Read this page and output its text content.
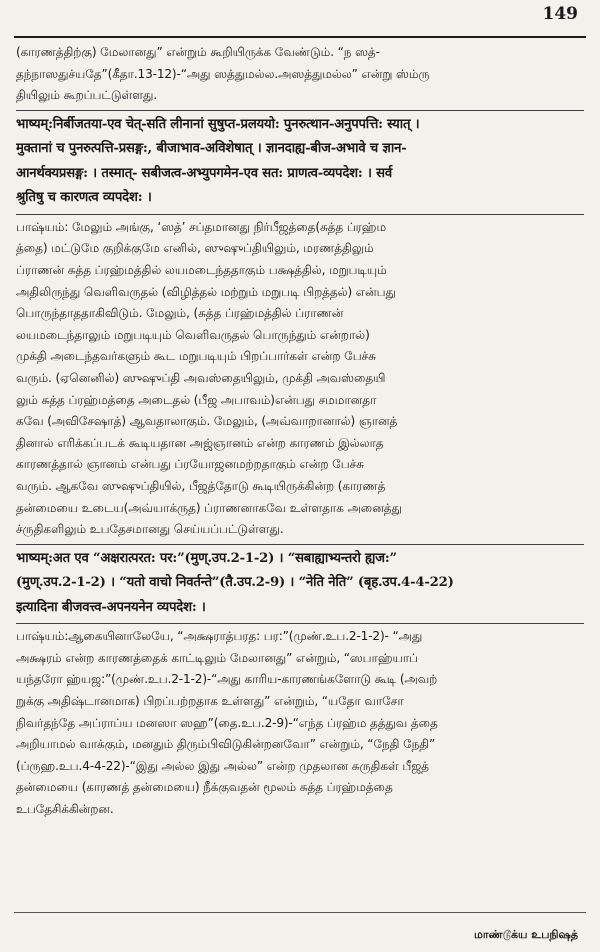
149
(காரணத்திற்கு) மேலானது” என்றும் கூறியிருக்க வேண்டும். “ந ஸத்-
தந்நாஸதுச்யதே”(கீதா.13-12)-“அது ஸத்துமல்ல.அஸத்துமல்ல” என்று ஸ்ம்ரு
தியிலும் கூறப்பட்டுள்ளது.
भाष्यम्:निर्बीजतया-एव चेत्-सति लीनानां सुषुप्त-प्रलययो: पुनरुत्थान-अनुपपत्ति: स्यात् ।
मुक्तानां च पुनरुत्पत्ति-प्रसङ्ग:, बीजाभाव-अविशेषात् । ज्ञानदाह्य-बीज-अभावे च ज्ञान-
आनर्थक्यप्रसङ्ग: । तस्मात्- सबीजत्व-अभ्युपगमेन-एव सत: प्राणत्व-व्यपदेश: । सर्व
श्रुतिषु च कारणत्व व्यपदेश: ।
பாஷ்யம்: மேலும் அங்கு, ‘ஸத்’ சப்தமானது நிர்பீஜத்தை(சுத்த ப்ரஹ்ம
த்தை) மட்டுமே குறிக்குமே எனில், ஸுஷுப்தியிலும், மரணத்திலும்
ப்ராணன் சுத்த ப்ரஹ்மத்தில் லயமடைந்ததாகும் பக்ஷத்தில், மறுபடியும்
அதிலிருந்து வெளிவருதல் (விழித்தல் மற்றும் மறுபடி பிறத்தல்) என்பது
பொருந்தாததாகிவிடும். மேலும், (சுத்த ப்ரஹ்மத்தில் ப்ராணன்
லயமடைந்தாலும் மறுபடியும் வெளிவருதல் பொருந்தும் என்றால்)
முக்தி அடைந்தவர்களும் கூட மறுபடியும் பிறப்பார்கள் என்ற பேச்சு
வரும். (ஏனெனில்) ஸுஷுப்தி அவஸ்தையிலும், முக்தி அவஸ்தையி
லும் சுத்த ப்ரஹ்மத்தை அடைதல் (பீஜ அபாவம்)என்பது சமமானதா
கவே (அவிசேஷாத்) ஆவதாலாகும். மேலும், (அவ்வாறானால்) ஞானத்
தினால் எரிக்கப்படக் கூடியதான அஜ்ஞானம் என்ற காரணம் இல்லாத
காரணத்தால் ஞானம் என்பது ப்ரயோஜனமற்றதாகும் என்ற பேச்சு
வரும். ஆகவே ஸுஷுப்தியில், பீஜத்தோடு கூடியிருக்கின்ற (காரணத்
தன்மையை உடைய(அவ்யாக்ருத) ப்ராணனாகவே உள்ளதாக அனைத்து
ச்ருதிகளிலும் உபதேசமானது செய்யப்பட்டுள்ளது.
भाष्यम्:अत एव “अक्षरात्परत: पर:”(मुण्.उप.2-1-2) । “सबाह्याभ्यन्तरो ह्यज:”
(मुण्.उप.2-1-2) । “यतो वाचो निवर्तन्ते”(तै.उप.2-9) । “नेति नेति” (बृह.उप.4-4-22)
इत्यादिना बीजवत्त्व-अपनयनेन व्यपदेश: ।
பாஷ்யம்:ஆகையினாலேயே, “அக்ஷராத்பரத: பர:”(முண்.உப.2-1-2)- “அது
அக்ஷரம் என்ற காரணத்தைக் காட்டிலும் மேலானது” என்றும், “ஸபாஹ்யாப்
யந்தரோ ஹ்யஜ:”(முண்.உப.2-1-2)-“அது காரிய-காரணங்களோடு கூடி (அவற்
றுக்கு அதிஷ்டானமாக) பிறப்பற்றதாக உள்ளது” என்றும், “யதோ வாசோ
நிவர்தந்தே அப்ராப்ய மனஸா ஸஹ”(தை.உப.2-9)-“எந்த ப்ரஹ்ம தத்துவ த்தை
அறியாமல் வாக்கும், மனதும் திரும்பிவிடுகின்றனவோ” என்றும், “நேதி நேதி”
(ப்ருஹ.உப.4-4-22)-“இது அல்ல இது அல்ல” என்ற முதலான சுருதிகள் பீஜத்
தன்மையை (காரணத் தன்மையை) நீக்குவதன் மூலம் சுத்த ப்ரஹ்மத்தை
உபதேசிக்கின்றன.
மாண்டூக்ய உபநிஷத்
